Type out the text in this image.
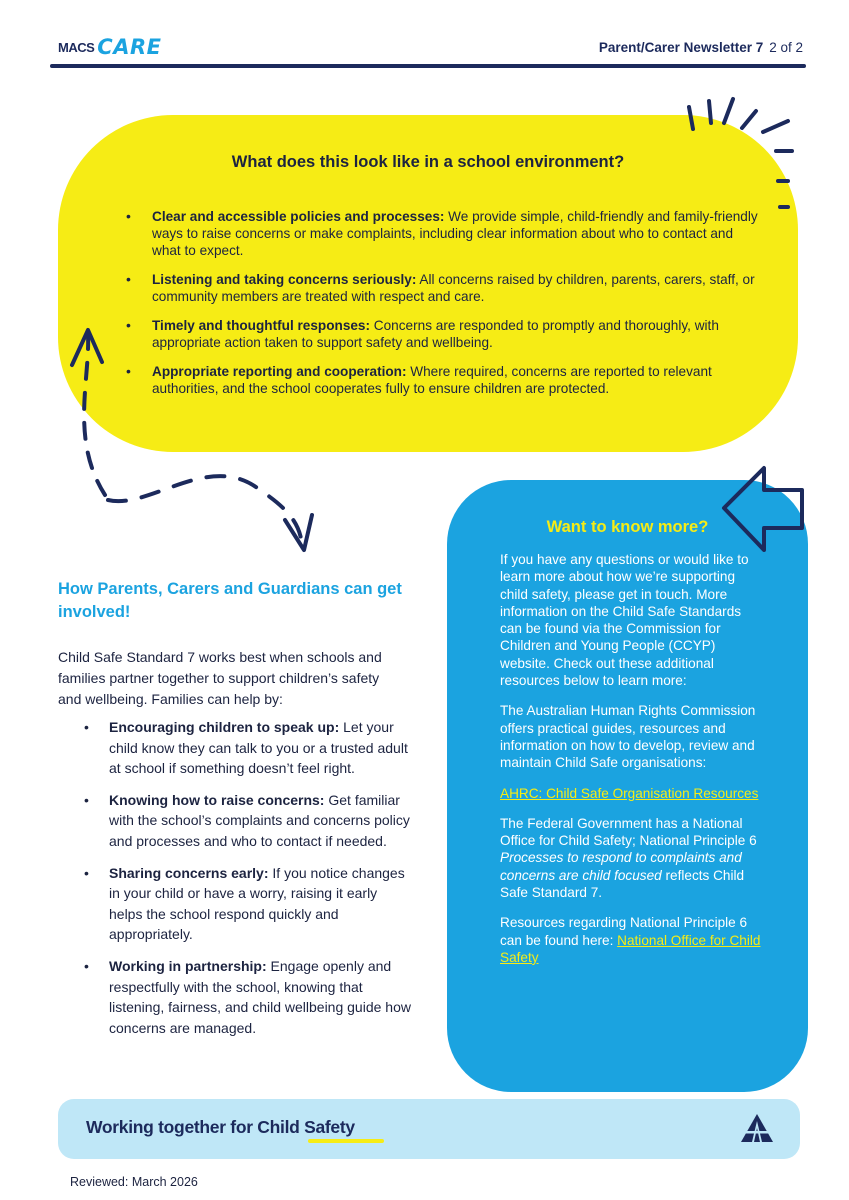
MACS CARE	Parent/Carer Newsletter 7 2 of 2
What does this look like in a school environment?
• Clear and accessible policies and processes: We provide simple, child-friendly and family-friendly ways to raise concerns or make complaints, including clear information about who to contact and what to expect.
• Listening and taking concerns seriously: All concerns raised by children, parents, carers, staff, or community members are treated with respect and care.
• Timely and thoughtful responses: Concerns are responded to promptly and thoroughly, with appropriate action taken to support safety and wellbeing.
• Appropriate reporting and cooperation: Where required, concerns are reported to relevant authorities, and the school cooperates fully to ensure children are protected.
How Parents, Carers and Guardians can get involved!
Child Safe Standard 7 works best when schools and families partner together to support children’s safety and wellbeing. Families can help by:
• Encouraging children to speak up: Let your child know they can talk to you or a trusted adult at school if something doesn’t feel right.
• Knowing how to raise concerns: Get familiar with the school’s complaints and concerns policy and processes and who to contact if needed.
• Sharing concerns early: If you notice changes in your child or have a worry, raising it early helps the school respond quickly and appropriately.
• Working in partnership: Engage openly and respectfully with the school, knowing that listening, fairness, and child wellbeing guide how concerns are managed.
Want to know more?

If you have any questions or would like to learn more about how we’re supporting child safety, please get in touch. More information on the Child Safe Standards can be found via the Commission for Children and Young People (CCYP) website. Check out these additional resources below to learn more:

The Australian Human Rights Commission offers practical guides, resources and information on how to develop, review and maintain Child Safe organisations:

AHRC: Child Safe Organisation Resources

The Federal Government has a National Office for Child Safety; National Principle 6 Processes to respond to complaints and concerns are child focused reflects Child Safe Standard 7.

Resources regarding National Principle 6 can be found here: National Office for Child Safety

Working together for Child Safety
Reviewed: March 2026
